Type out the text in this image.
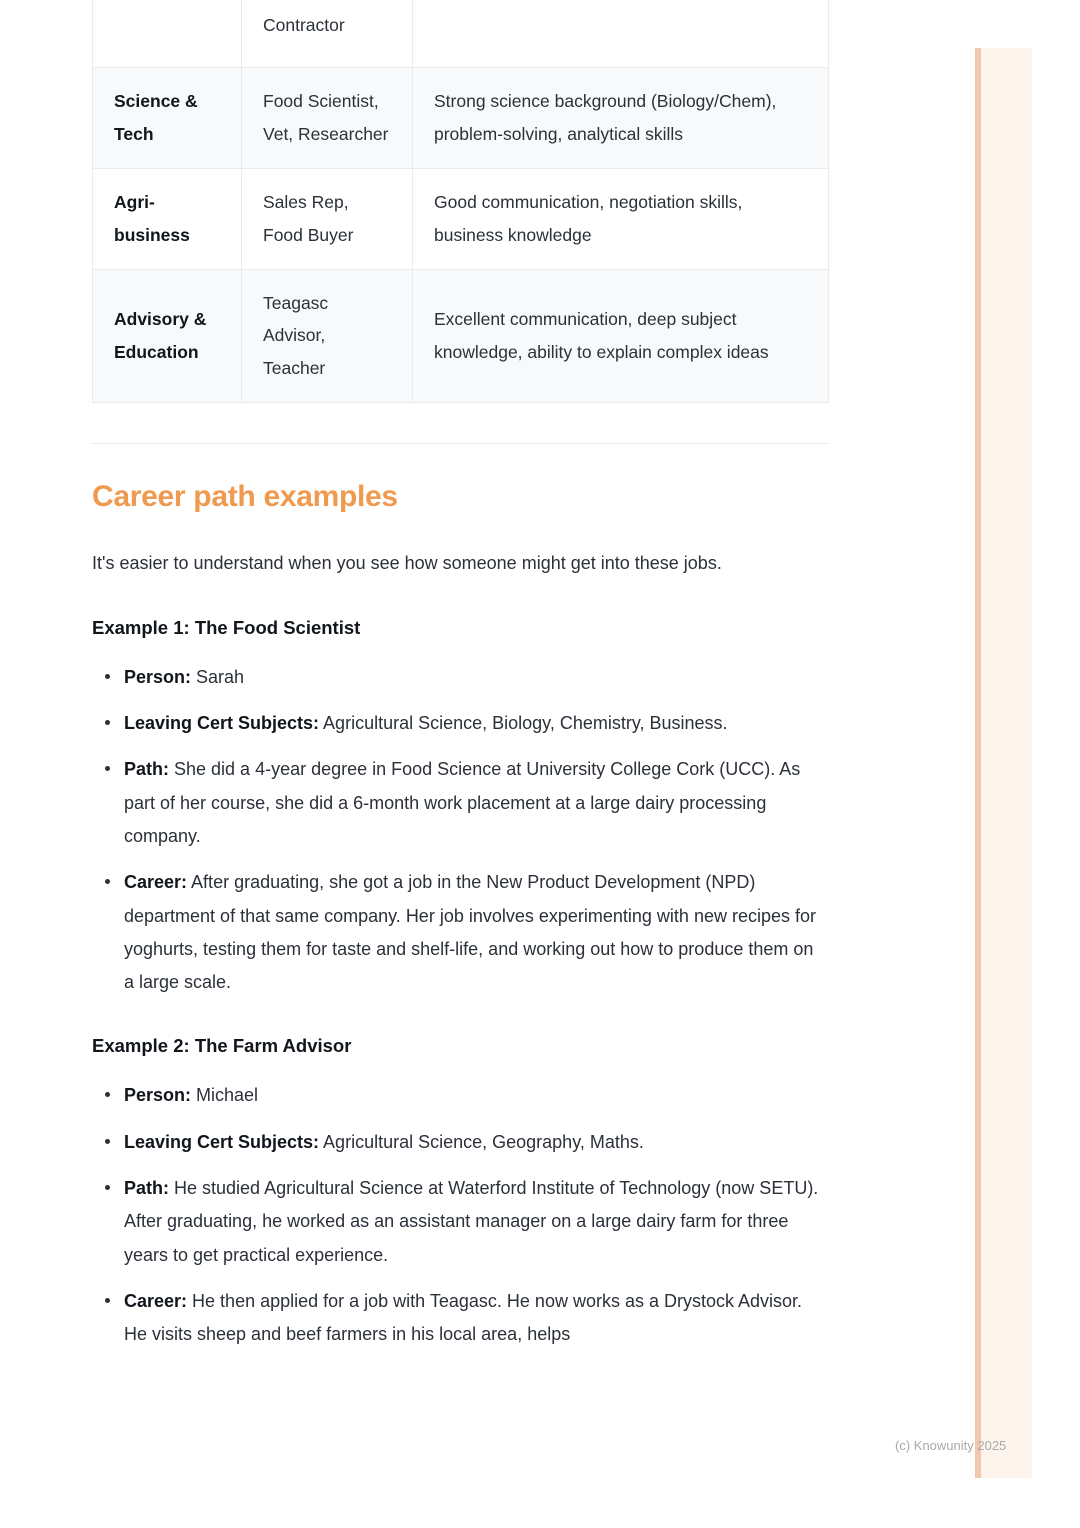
	Contractor	
Science & Tech	Food Scientist, Vet, Researcher	Strong science background (Biology/Chem), problem-solving, analytical skills
Agri-business	Sales Rep, Food Buyer	Good communication, negotiation skills, business knowledge
Advisory & Education	Teagasc Advisor, Teacher	Excellent communication, deep subject knowledge, ability to explain complex ideas
Career path examples

It's easier to understand when you see how someone might get into these jobs.

Example 1: The Food Scientist
Person: Sarah
Leaving Cert Subjects: Agricultural Science, Biology, Chemistry, Business.
Path: She did a 4-year degree in Food Science at University College Cork (UCC). As part of her course, she did a 6-month work placement at a large dairy processing company.
Career: After graduating, she got a job in the New Product Development (NPD) department of that same company. Her job involves experimenting with new recipes for yoghurts, testing them for taste and shelf-life, and working out how to produce them on a large scale.
Example 2: The Farm Advisor
Person: Michael
Leaving Cert Subjects: Agricultural Science, Geography, Maths.
Path: He studied Agricultural Science at Waterford Institute of Technology (now SETU). After graduating, he worked as an assistant manager on a large dairy farm for three years to get practical experience.
Career: He then applied for a job with Teagasc. He now works as a Drystock Advisor. He visits sheep and beef farmers in his local area, helps
(c) Knowunity 2025
